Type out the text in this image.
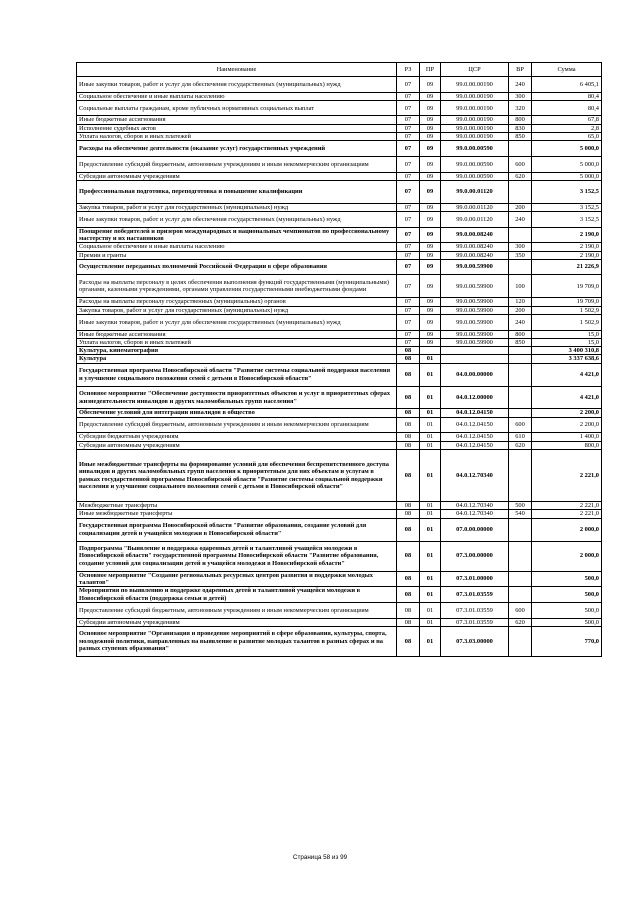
Наименование	РЗ	ПР	ЦСР	ВР	Сумма
Иные закупки товаров, работ и услуг для обеспечения государственных (муниципальных) нужд	07	09	99.0.00.00190	240	6 405,1
Социальное обеспечение и иные выплаты населению	07	09	99.0.00.00190	300	80,4
Социальные выплаты гражданам, кроме публичных нормативных социальных выплат	07	09	99.0.00.00190	320	80,4
Иные бюджетные ассигнования	07	09	99.0.00.00190	800	67,8
Исполнение судебных актов	07	09	99.0.00.00190	830	2,8
Уплата налогов, сборов и иных платежей	07	09	99.0.00.00190	850	65,0
Расходы на обеспечение деятельности (оказание услуг) государственных учреждений	07	09	99.0.00.00590		5 000,0
Предоставление субсидий бюджетным, автономным учреждениям и иным некоммерческим организациям	07	09	99.0.00.00590	600	5 000,0
Субсидии автономным учреждениям	07	09	99.0.00.00590	620	5 000,0
Профессиональная подготовка, переподготовка и повышение квалификации	07	09	99.0.00.01120		3 152,5
Закупка товаров, работ и услуг для государственных (муниципальных) нужд	07	09	99.0.00.01120	200	3 152,5
Иные закупки товаров, работ и услуг для обеспечения государственных (муниципальных) нужд	07	09	99.0.00.01120	240	3 152,5
Поощрение победителей и призеров международных и национальных чемпионатов по профессиональному мастерству и их наставников	07	09	99.0.00.08240		2 190,0
Социальное обеспечение и иные выплаты населению	07	09	99.0.00.08240	300	2 190,0
Премии и гранты	07	09	99.0.00.08240	350	2 190,0
Осуществление переданных полномочий Российской Федерации в сфере образования	07	09	99.0.00.59900		21 226,9
Расходы на выплаты персоналу в целях обеспечения выполнения функций государственными (муниципальными) органами, казенными учреждениями, органами управления государственными внебюджетными фондами	07	09	99.0.00.59900	100	19 709,0
Расходы на выплаты персоналу государственных (муниципальных) органов	07	09	99.0.00.59900	120	19 709,0
Закупка товаров, работ и услуг для государственных (муниципальных) нужд	07	09	99.0.00.59900	200	1 502,9
Иные закупки товаров, работ и услуг для обеспечения государственных (муниципальных) нужд	07	09	99.0.00.59900	240	1 502,9
Иные бюджетные ассигнования	07	09	99.0.00.59900	800	15,0
Уплата налогов, сборов и иных платежей	07	09	99.0.00.59900	850	15,0
Культура, кинематография	08				3 400 310,8
Культура	08	01			3 337 638,6
Государственная программа Новосибирской области "Развитие системы социальной поддержки населения и улучшение социального положения семей с детьми в Новосибирской области"	08	01	04.0.00.00000		4 421,0
Основное мероприятие "Обеспечение доступности приоритетных объектов и услуг в приоритетных сферах жизнедеятельности инвалидов и других маломобильных групп населения"	08	01	04.0.12.00000		4 421,0
Обеспечение условий для интеграции инвалидов в общество	08	01	04.0.12.04150		2 200,0
Предоставление субсидий бюджетным, автономным учреждениям и иным некоммерческим организациям	08	01	04.0.12.04150	600	2 200,0
Субсидии бюджетным учреждениям	08	01	04.0.12.04150	610	1 400,0
Субсидии автономным учреждениям	08	01	04.0.12.04150	620	800,0
Иные межбюджетные трансферты на формирование условий для обеспечения беспрепятственного доступа инвалидов и других маломобильных групп населения к приоритетным для них объектам и услугам в рамках государственной программы Новосибирской области "Развитие системы социальной поддержки населения и улучшение социального положения семей с детьми в Новосибирской области"	08	01	04.0.12.70340		2 221,0
Межбюджетные трансферты	08	01	04.0.12.70340	500	2 221,0
Иные межбюджетные трансферты	08	01	04.0.12.70340	540	2 221,0
Государственная программа Новосибирской области "Развитие образования, создание условий для социализации детей и учащейся молодежи в Новосибирской области"	08	01	07.0.00.00000		2 000,0
Подпрограмма "Выявление и поддержка одаренных детей и талантливой учащейся молодежи в Новосибирской области" государственной программы Новосибирской области "Развитие образования, создание условий для социализации детей и учащейся молодежи в Новосибирской области"	08	01	07.3.00.00000		2 000,0
Основное мероприятие "Создание региональных ресурсных центров развития и поддержки молодых талантов"	08	01	07.3.01.00000		500,0
Мероприятия по выявлению и поддержке одаренных детей и талантливой учащейся молодежи в Новосибирской области (поддержка семьи и детей)	08	01	07.3.01.03559		500,0
Предоставление субсидий бюджетным, автономным учреждениям и иным некоммерческим организациям	08	01	07.3.01.03559	600	500,0
Субсидии автономным учреждениям	08	01	07.3.01.03559	620	500,0
Основное мероприятие "Организация и проведение мероприятий в сфере образования, культуры, спорта, молодежной политики, направленных на выявление и развитие молодых талантов в разных сферах и на разных ступенях образования"	08	01	07.3.03.00000		770,0
Страница 58 из 99
